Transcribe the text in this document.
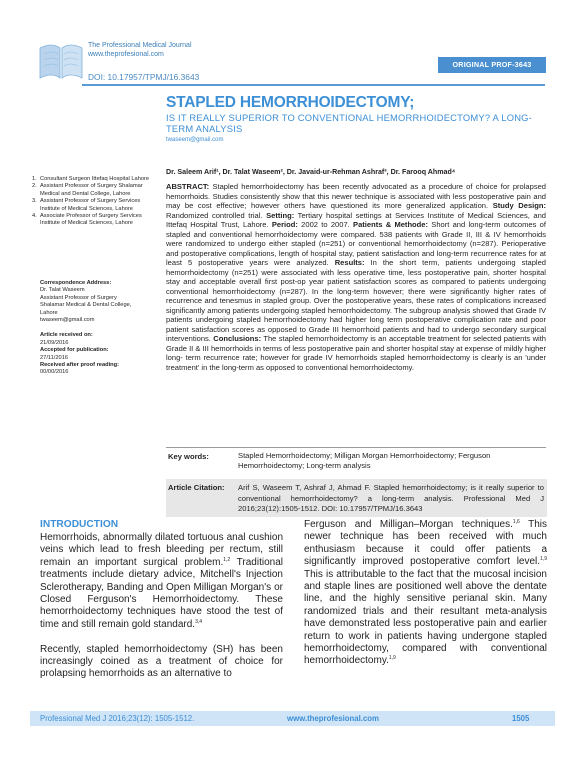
The Professional Medical Journal
www.theprofesional.com
DOI: 10.17957/TPMJ/16.3643
ORIGINAL PROF-3643
STAPLED HEMORRHOIDECTOMY;
IS IT REALLY SUPERIOR TO CONVENTIONAL HEMORRHOIDECTOMY? A LONG-TERM ANALYSIS
twaseem@gmail.com
Dr. Saleem Arif¹, Dr. Talat Waseem², Dr. Javaid-ur-Rehman Ashraf³, Dr. Farooq Ahmad⁴
ABSTRACT: Stapled hemorrhoidectomy has been recently advocated as a procedure of choice for prolapsed hemorrhoids. Studies consistently show that this newer technique is associated with less postoperative pain and may be cost effective; however others have questioned its more generalized application. Study Design: Randomized controlled trial. Setting: Tertiary hospital settings at Services Institute of Medical Sciences, and Ittefaq Hospital Trust, Lahore. Period: 2002 to 2007. Patients & Methode: Short and long-term outcomes of stapled and conventional hemorrhoidectomy were compared. 538 patients with Grade II, III & IV hemorrhoids were randomized to undergo either stapled (n=251) or conventional hemorrhoidectomy (n=287). Perioperative and postoperative complications, length of hospital stay, patient satisfaction and long-term recurrence rates for at least 5 postoperative years were analyzed. Results: In the short term, patients undergoing stapled hemorrhoidectomy (n=251) were associated with less operative time, less postoperative pain, shorter hospital stay and acceptable overall first post-op year patient satisfaction scores as compared to patients undergoing conventional hemorrhoidectomy (n=287). In the long-term however; there were significantly higher rates of recurrence and tenesmus in stapled group. Over the postoperative years, these rates of complications increased significantly among patients undergoing stapled hemorrhoidectomy. The subgroup analysis showed that Grade IV patients undergoing stapled hemorrhoidectomy had higher long term postoperative complication rate and poor patient satisfaction scores as opposed to Grade III hemorrhoid patients and had to undergo secondary surgical interventions. Conclusions: The stapled hemorrhoidectomy is an acceptable treatment for selected patients with Grade II & III hemorrhoids in terms of less postoperative pain and shorter hospital stay at expense of mildly higher long- term recurrence rate; however for grade IV hemorrhoids stapled hemorrhoidectomy is clearly is an 'under treatment' in the long-term as opposed to conventional hemorrhoidectomy.
1. Consultant Surgeon Ittefaq Hospital Lahore
2. Assistant Professor of Surgery Shalamar Medical and Dental College, Lahore
3. Assistant Professor of Surgery Services Institute of Medical Sciences, Lahore
4. Associate Professor of Surgery Services Institute of Medical Sciences, Lahore
Correspondence Address:
Dr. Talat Waseem
Assistant Professor of Surgery
Shalamar Medical & Dental College,
Lahore
twaseem@gmail.com
Article received on:
21/09/2016
Accepted for publication:
27/11/2016
Received after proof reading:
00/00/2016
Key words:	Stapled Hemorrhoidectomy; Milligan Morgan Hemorrhoidectomy; Ferguson Hemorrhoidectomy; Long-term analysis
Article Citation: Arif S, Waseem T, Ashraf J, Ahmad F. Stapled hemorrhoidectomy; is it really superior to conventional hemorrhoidectomy? a long-term analysis. Professional Med J 2016;23(12):1505-1512. DOI: 10.17957/TPMJ/16.3643
INTRODUCTION

Hemorrhoids, abnormally dilated tortuous anal cushion veins which lead to fresh bleeding per rectum, still remain an important surgical problem.$^{1,2}$ Traditional treatments include dietary advice, Mitchell's Injection Sclerotherapy, Banding and Open Milligan Morgan's or Closed Ferguson's Hemorrhoidectomy. These hemorrhoidectomy techniques have stood the test of time and still remain gold standard.$^{3,4}$

Recently, stapled hemorrhoidectomy (SH) has been increasingly coined as a treatment of choice for prolapsing hemorrhoids as an alternative to

Ferguson and Milligan–Morgan techniques.$^{1,6}$ This newer technique has been received with much enthusiasm because it could offer patients a significantly improved postoperative comfort level.$^{1,9}$ This is attributable to the fact that the mucosal incision and staple lines are positioned well above the dentate line, and the highly sensitive perianal skin. Many randomized trials and their resultant meta-analysis have demonstrated less postoperative pain and earlier return to work in patients having undergone stapled hemorrhoidectomy, compared with conventional hemorrhoidectomy.$^{1,9}$

Professional Med J 2016;23(12): 1505-1512.	www.theprofesional.com	1505
